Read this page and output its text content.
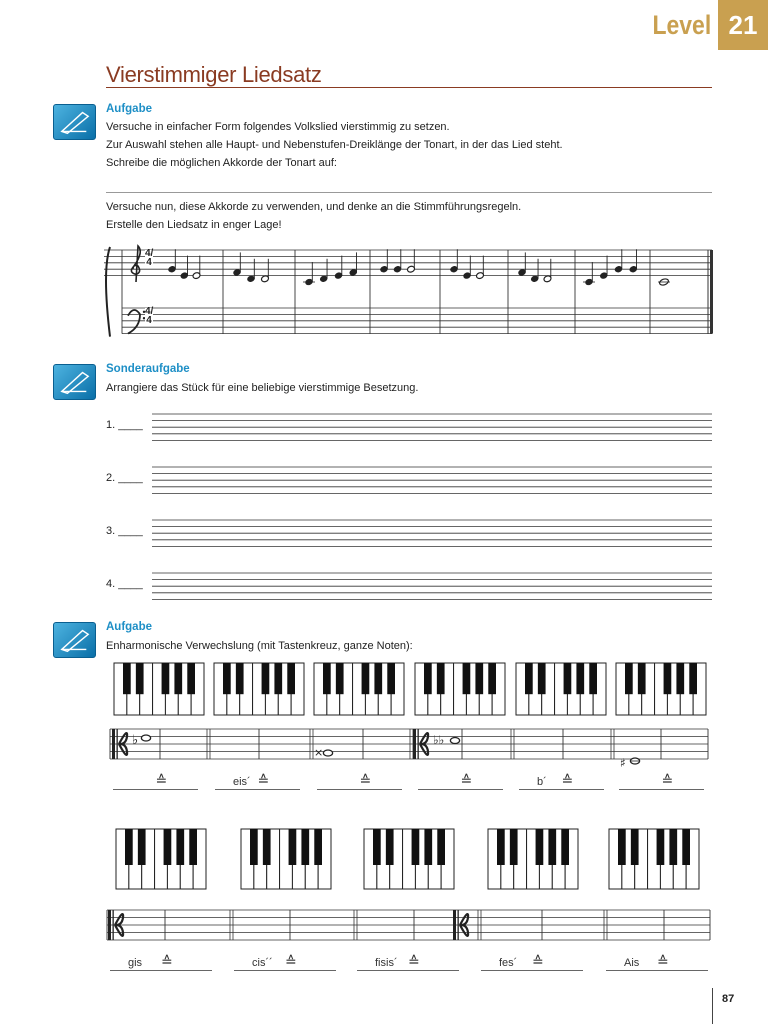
Level 21
Vierstimmiger Liedsatz
Aufgabe
Versuche in einfacher Form folgendes Volkslied vierstimmig zu setzen.
Zur Auswahl stehen alle Haupt- und Nebenstufen-Dreiklänge der Tonart, in der das Lied steht.
Schreibe die möglichen Akkorde der Tonart auf:
Versuche nun, diese Akkorde zu verwenden, und denke an die Stimmführungsregeln.
Erstelle den Liedsatz in enger Lage!
4/4
4/4
Sonderaufgabe
Arrangiere das Stück für eine beliebige vierstimmige Besetzung.
1. ____
2. ____
3. ____
4. ____
Aufgabe
Enharmonische Verwechslung (mit Tastenkreuz, ganze Noten):
♭
×
♭♭
♯
≙	eis´ ≙	≙	≙	b´ ≙	≙
gis ≙	cis´´ ≙	fisis´ ≙	fes´ ≙	Ais ≙
87
